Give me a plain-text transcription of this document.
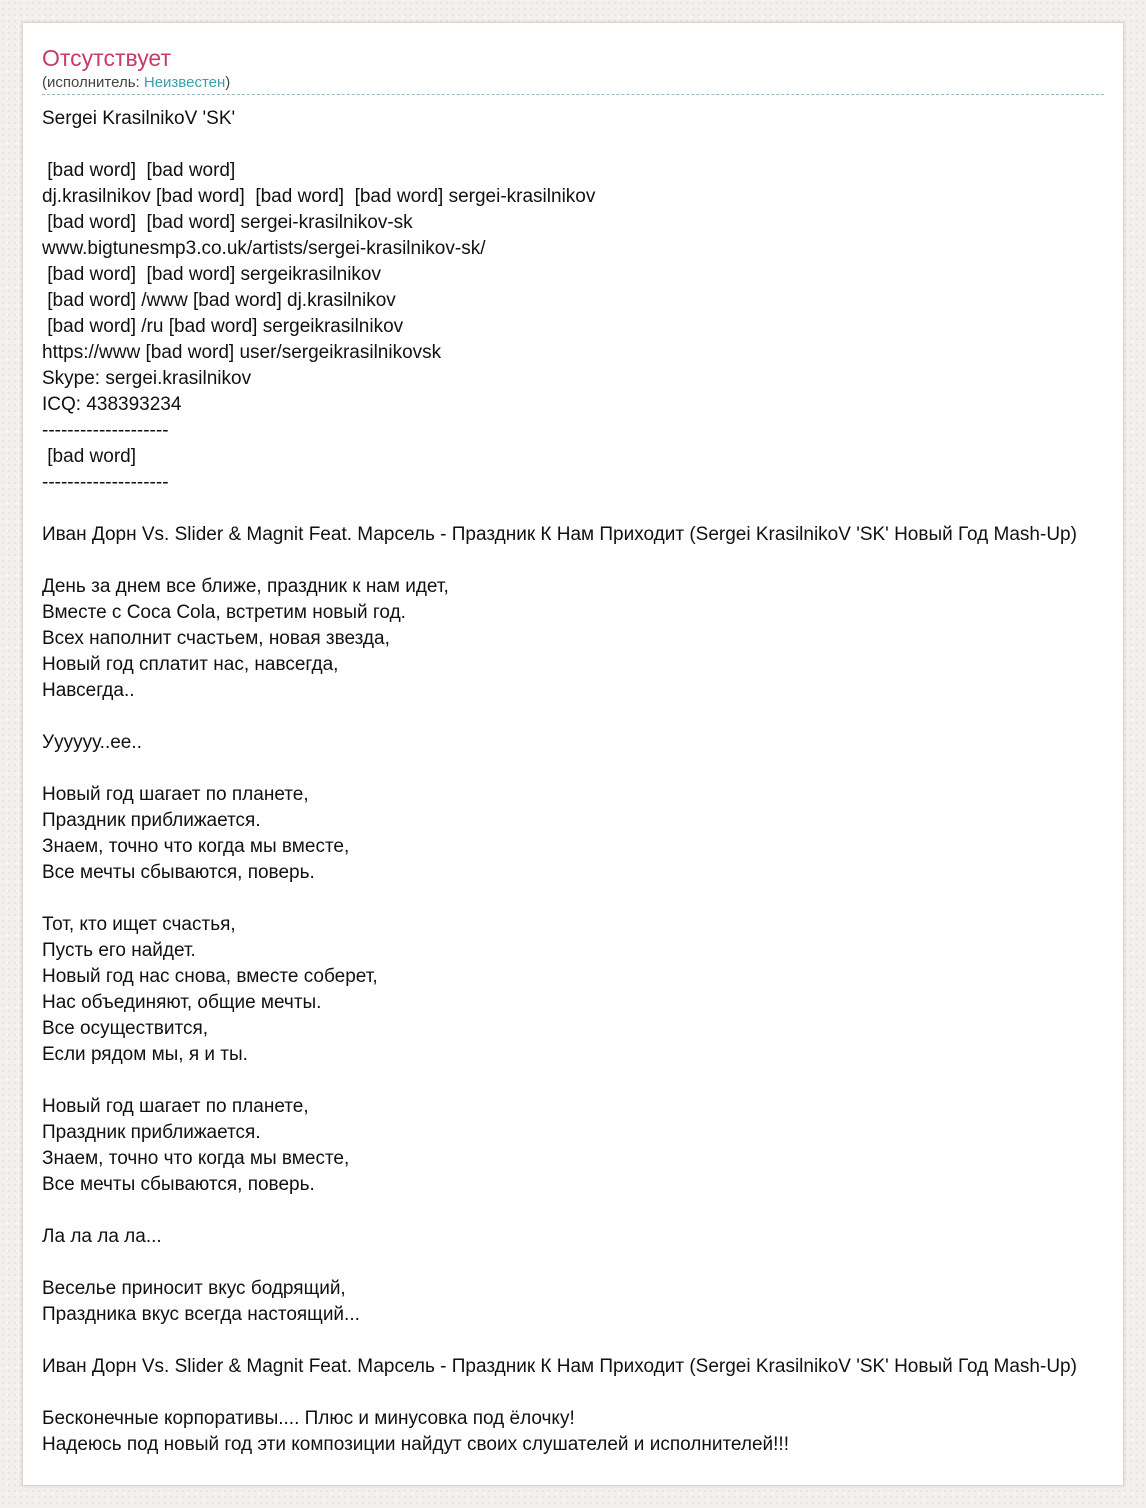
Отсутствует
(исполнитель: Неизвестен)
Sergei KrasilnikoV 'SK'

[bad word]  [bad word]
dj.krasilnikov [bad word]  [bad word]  [bad word] sergei-krasilnikov
[bad word]  [bad word] sergei-krasilnikov-sk
www.bigtunesmp3.co.uk/artists/sergei-krasilnikov-sk/
[bad word]  [bad word] sergeikrasilnikov
[bad word] /www [bad word] dj.krasilnikov
[bad word] /ru [bad word] sergeikrasilnikov
https://www [bad word] user/sergeikrasilnikovsk
Skype: sergei.krasilnikov
ICQ: 438393234
--------------------
[bad word]
--------------------

Иван Дорн Vs. Slider & Magnit Feat. Марсель - Праздник К Нам Приходит (Sergei KrasilnikoV 'SK' Новый Год Mash-Up)

День за днем все ближе, праздник к нам идет,
Вместе с Coca Cola, встретим новый год.
Всех наполнит счастьем, новая звезда,
Новый год сплатит нас, навсегда,
Навсегда..

Уууууу..ее..

Новый год шагает по планете,
Праздник приближается.
Знаем, точно что когда мы вместе,
Все мечты сбываются, поверь.

Тот, кто ищет счастья,
Пусть его найдет.
Новый год нас снова, вместе соберет,
Нас объединяют, общие мечты.
Все осуществится,
Если рядом мы, я и ты.

Новый год шагает по планете,
Праздник приближается.
Знаем, точно что когда мы вместе,
Все мечты сбываются, поверь.

Ла ла ла ла...

Веселье приносит вкус бодрящий,
Праздника вкус всегда настоящий...

Иван Дорн Vs. Slider & Magnit Feat. Марсель - Праздник К Нам Приходит (Sergei KrasilnikoV 'SK' Новый Год Mash-Up)

Бесконечные корпоративы.... Плюс и минусовка под ёлочку!
Надеюсь под новый год эти композиции найдут своих слушателей и исполнителей!!!
